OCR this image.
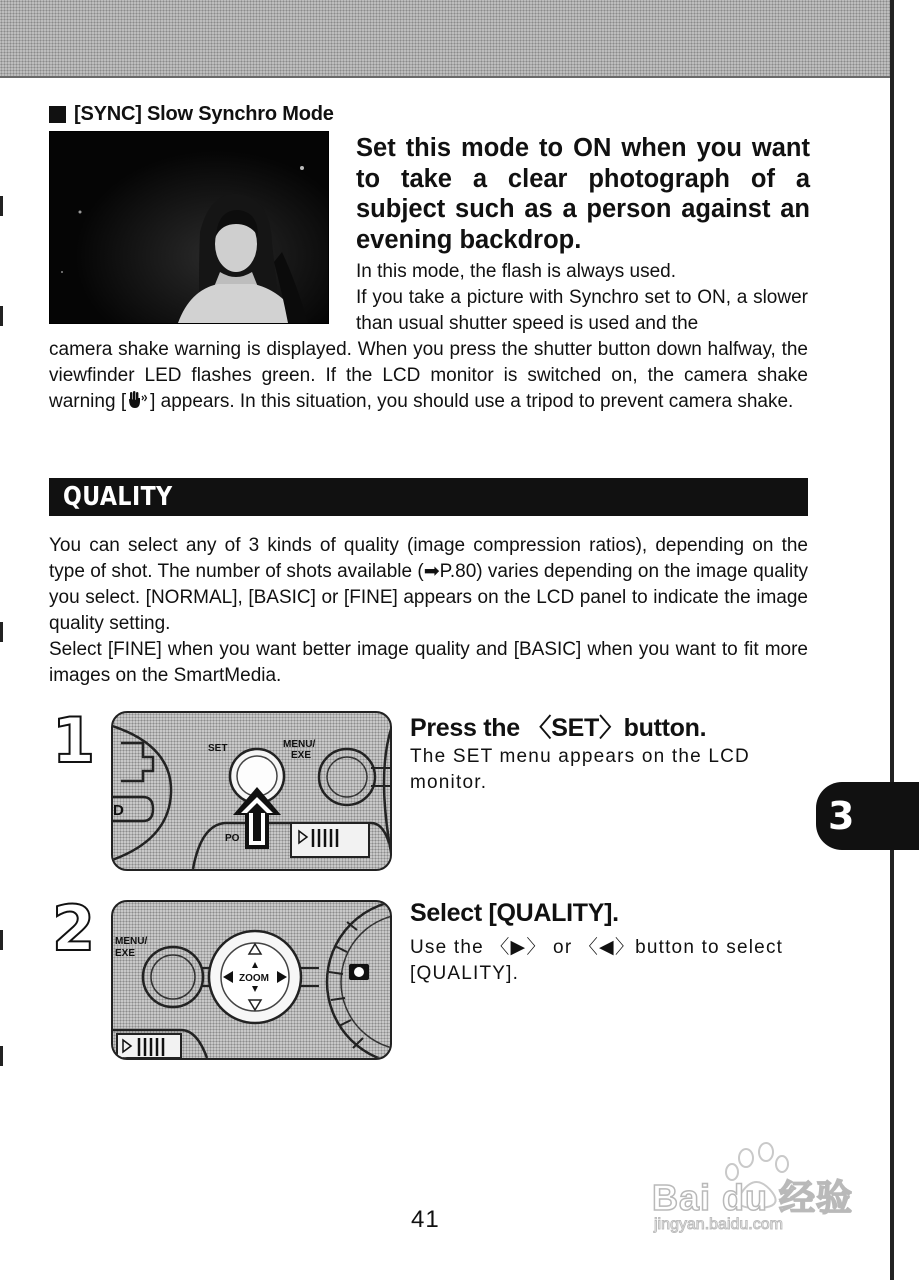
[SYNC] Slow Synchro Mode
Set this mode to ON when you want to take a clear photograph of a subject such as a person against an evening backdrop.

In this mode, the flash is always used.

If you take a picture with Synchro set to ON, a slower than usual shutter speed is used and the

camera shake warning is displayed. When you press the shutter button down halfway, the viewfinder LED flashes green. If the LCD monitor is switched on, the camera shake warning [ ] appears. In this situation, you should use a tripod to prevent camera shake.

QUALITY

You can select any of 3 kinds of quality (image compression ratios), depending on the type of shot. The number of shots available (➡P.80) varies depending on the image quality you select. [NORMAL], [BASIC] or [FINE] appears on the LCD panel to indicate the image quality setting.

Select [FINE] when you want better image quality and [BASIC] when you want to fit more images on the SmartMedia.

1
D
SET	MENU/
EXE
PO
Press the 〈SET〉button.

The SET menu appears on the LCD monitor.

2 MENU/
EXE
ZOOM
Select [QUALITY].

Use the 〈▶〉 or 〈◀〉button to select [QUALITY].

3
41
Bai du 经验
jingyan.baidu.com
